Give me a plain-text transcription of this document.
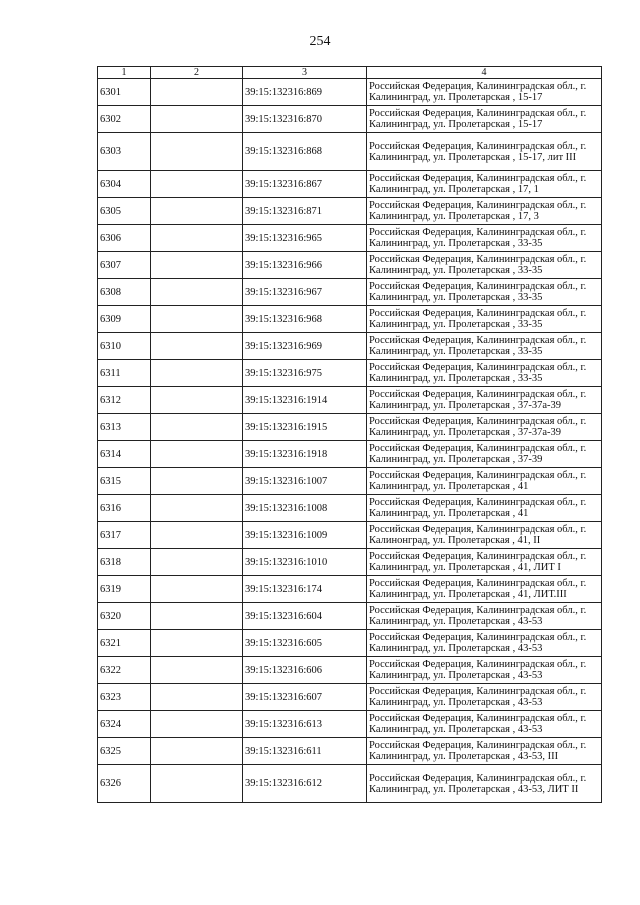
254
1	2	3	4
6301		39:15:132316:869	Российская Федерация, Калининградская обл., г. Калининград, ул. Пролетарская , 15-17
6302		39:15:132316:870	Российская Федерация, Калининградская обл., г. Калининград, ул. Пролетарская , 15-17
6303		39:15:132316:868	Российская Федерация, Калининградская обл., г. Калининград, ул. Пролетарская , 15-17, лит III
6304		39:15:132316:867	Российская Федерация, Калининградская обл., г. Калининград, ул. Пролетарская , 17, 1
6305		39:15:132316:871	Российская Федерация, Калининградская обл., г. Калининград, ул. Пролетарская , 17, 3
6306		39:15:132316:965	Российская Федерация, Калининградская обл., г. Калининград, ул. Пролетарская , 33-35
6307		39:15:132316:966	Российская Федерация, Калининградская обл., г. Калининград, ул. Пролетарская , 33-35
6308		39:15:132316:967	Российская Федерация, Калининградская обл., г. Калининград, ул. Пролетарская , 33-35
6309		39:15:132316:968	Российская Федерация, Калининградская обл., г. Калининград, ул. Пролетарская , 33-35
6310		39:15:132316:969	Российская Федерация, Калининградская обл., г. Калининград, ул. Пролетарская , 33-35
6311		39:15:132316:975	Российская Федерация, Калининградская обл., г. Калининград, ул. Пролетарская , 33-35
6312		39:15:132316:1914	Российская Федерация, Калининградская обл., г. Калининград, ул. Пролетарская , 37-37а-39
6313		39:15:132316:1915	Российская Федерация, Калининградская обл., г. Калининград, ул. Пролетарская , 37-37а-39
6314		39:15:132316:1918	Российская Федерация, Калининградская обл., г. Калининград, ул. Пролетарская , 37-39
6315		39:15:132316:1007	Российская Федерация, Калининградская обл., г. Калининград, ул. Пролетарская , 41
6316		39:15:132316:1008	Российская Федерация, Калининградская обл., г. Калининград, ул. Пролетарская , 41
6317		39:15:132316:1009	Российская Федерация, Калининградская обл., г. Калинонград, ул. Пролетарская , 41, II
6318		39:15:132316:1010	Российская Федерация, Калининградская обл., г. Калининград, ул. Пролетарская , 41, ЛИТ I
6319		39:15:132316:174	Российская Федерация, Калининградская обл., г. Калининград, ул. Пролетарская , 41, ЛИТ.III
6320		39:15:132316:604	Российская Федерация, Калининградская обл., г. Калининград, ул. Пролетарская , 43-53
6321		39:15:132316:605	Российская Федерация, Калининградская обл., г. Калининград, ул. Пролетарская , 43-53
6322		39:15:132316:606	Российская Федерация, Калининградская обл., г. Калининград, ул. Пролетарская , 43-53
6323		39:15:132316:607	Российская Федерация, Калининградская обл., г. Калининград, ул. Пролетарская , 43-53
6324		39:15:132316:613	Российская Федерация, Калининградская обл., г. Калининград, ул. Пролетарская , 43-53
6325		39:15:132316:611	Российская Федерация, Калининградская обл., г. Калининград, ул. Пролетарская , 43-53, III
6326		39:15:132316:612	Российская Федерация, Калининградская обл., г. Калининград, ул. Пролетарская , 43-53, ЛИТ II
